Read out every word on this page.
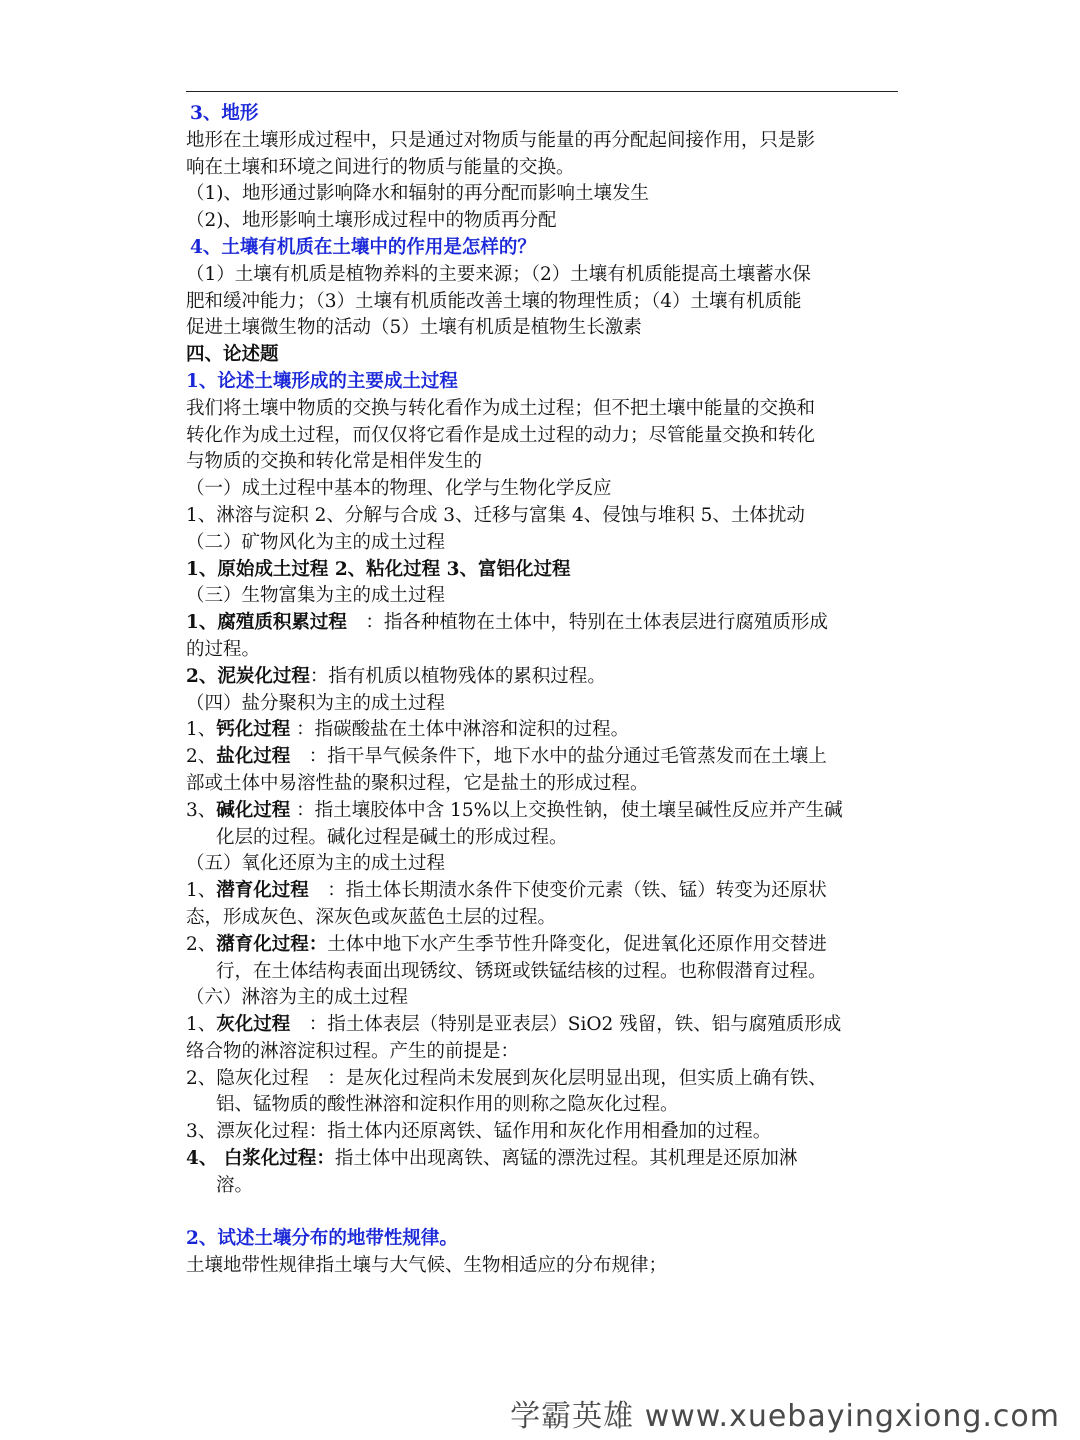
3、地形
地形在土壤形成过程中，只是通过对物质与能量的再分配起间接作用，只是影
响在土壤和环境之间进行的物质与能量的交换。
（1)、地形通过影响降水和辐射的再分配而影响土壤发生
（2)、地形影响土壤形成过程中的物质再分配
4、土壤有机质在土壤中的作用是怎样的？
（1）土壤有机质是植物养料的主要来源；（2）土壤有机质能提高土壤蓄水保
肥和缓冲能力；（3）土壤有机质能改善土壤的物理性质；（4）土壤有机质能
促进土壤微生物的活动（5）土壤有机质是植物生长激素
四、论述题
1、论述土壤形成的主要成土过程
我们将土壤中物质的交换与转化看作为成土过程；但不把土壤中能量的交换和
转化作为成土过程，而仅仅将它看作是成土过程的动力；尽管能量交换和转化
与物质的交换和转化常是相伴发生的
（一）成土过程中基本的物理、化学与生物化学反应
1、淋溶与淀积 2、分解与合成 3、迁移与富集 4、侵蚀与堆积 5、土体扰动
（二）矿物风化为主的成土过程
1、原始成土过程 2、粘化过程 3、富铝化过程
（三）生物富集为主的成土过程
1、腐殖质积累过程　：指各种植物在土体中，特别在土体表层进行腐殖质形成
的过程。
2、泥炭化过程：指有机质以植物残体的累积过程。
（四）盐分聚积为主的成土过程
1、钙化过程 ：指碳酸盐在土体中淋溶和淀积的过程。
2、盐化过程　：指干旱气候条件下，地下水中的盐分通过毛管蒸发而在土壤上
部或土体中易溶性盐的聚积过程，它是盐土的形成过程。
3、碱化过程 ：指土壤胶体中含 15%以上交换性钠，使土壤呈碱性反应并产生碱
化层的过程。碱化过程是碱土的形成过程。
（五）氧化还原为主的成土过程
1、潜育化过程　：指土体长期渍水条件下使变价元素（铁、锰）转变为还原状
态，形成灰色、深灰色或灰蓝色土层的过程。
2、潴育化过程：土体中地下水产生季节性升降变化，促进氧化还原作用交替进
行，在土体结构表面出现锈纹、锈斑或铁锰结核的过程。也称假潜育过程。
（六）淋溶为主的成土过程
1、灰化过程　：指土体表层（特别是亚表层）SiO2 残留，铁、铝与腐殖质形成
络合物的淋溶淀积过程。产生的前提是：
2、隐灰化过程　：是灰化过程尚未发展到灰化层明显出现，但实质上确有铁、
铝、锰物质的酸性淋溶和淀积作用的则称之隐灰化过程。
3、漂灰化过程：指土体内还原离铁、锰作用和灰化作用相叠加的过程。
4、 白浆化过程：指土体中出现离铁、离锰的漂洗过程。其机理是还原加淋
溶。
2、试述土壤分布的地带性规律。
土壤地带性规律指土壤与大气候、生物相适应的分布规律；
学霸英雄 www.xuebayingxiong.com
